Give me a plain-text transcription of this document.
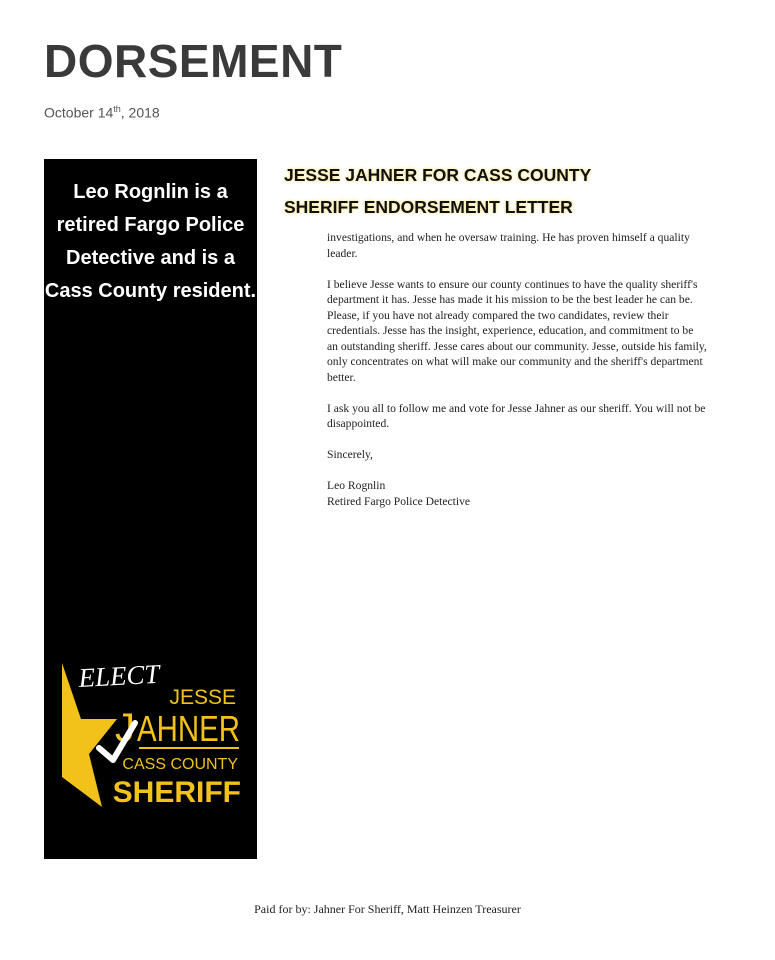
DORSEMENT
October 14th, 2018

Leo Rognlin is a retired Fargo Police Detective and is a Cass County resident.

ELECT
JESSE
J AHNER
CASS COUNTY
SHERIFF
JESSE JAHNER FOR CASS COUNTY
SHERIFF ENDORSEMENT LETTER

investigations, and when he oversaw training. He has proven himself a quality leader.

I believe Jesse wants to ensure our county continues to have the quality sheriff's department it has. Jesse has made it his mission to be the best leader he can be. Please, if you have not already compared the two candidates, review their credentials. Jesse has the insight, experience, education, and commitment to be an outstanding sheriff. Jesse cares about our community. Jesse, outside his family, only concentrates on what will make our community and the sheriff's department better.

I ask you all to follow me and vote for Jesse Jahner as our sheriff. You will not be disappointed.

Sincerely,

Leo Rognlin
Retired Fargo Police Detective
Paid for by: Jahner For Sheriff, Matt Heinzen Treasurer
